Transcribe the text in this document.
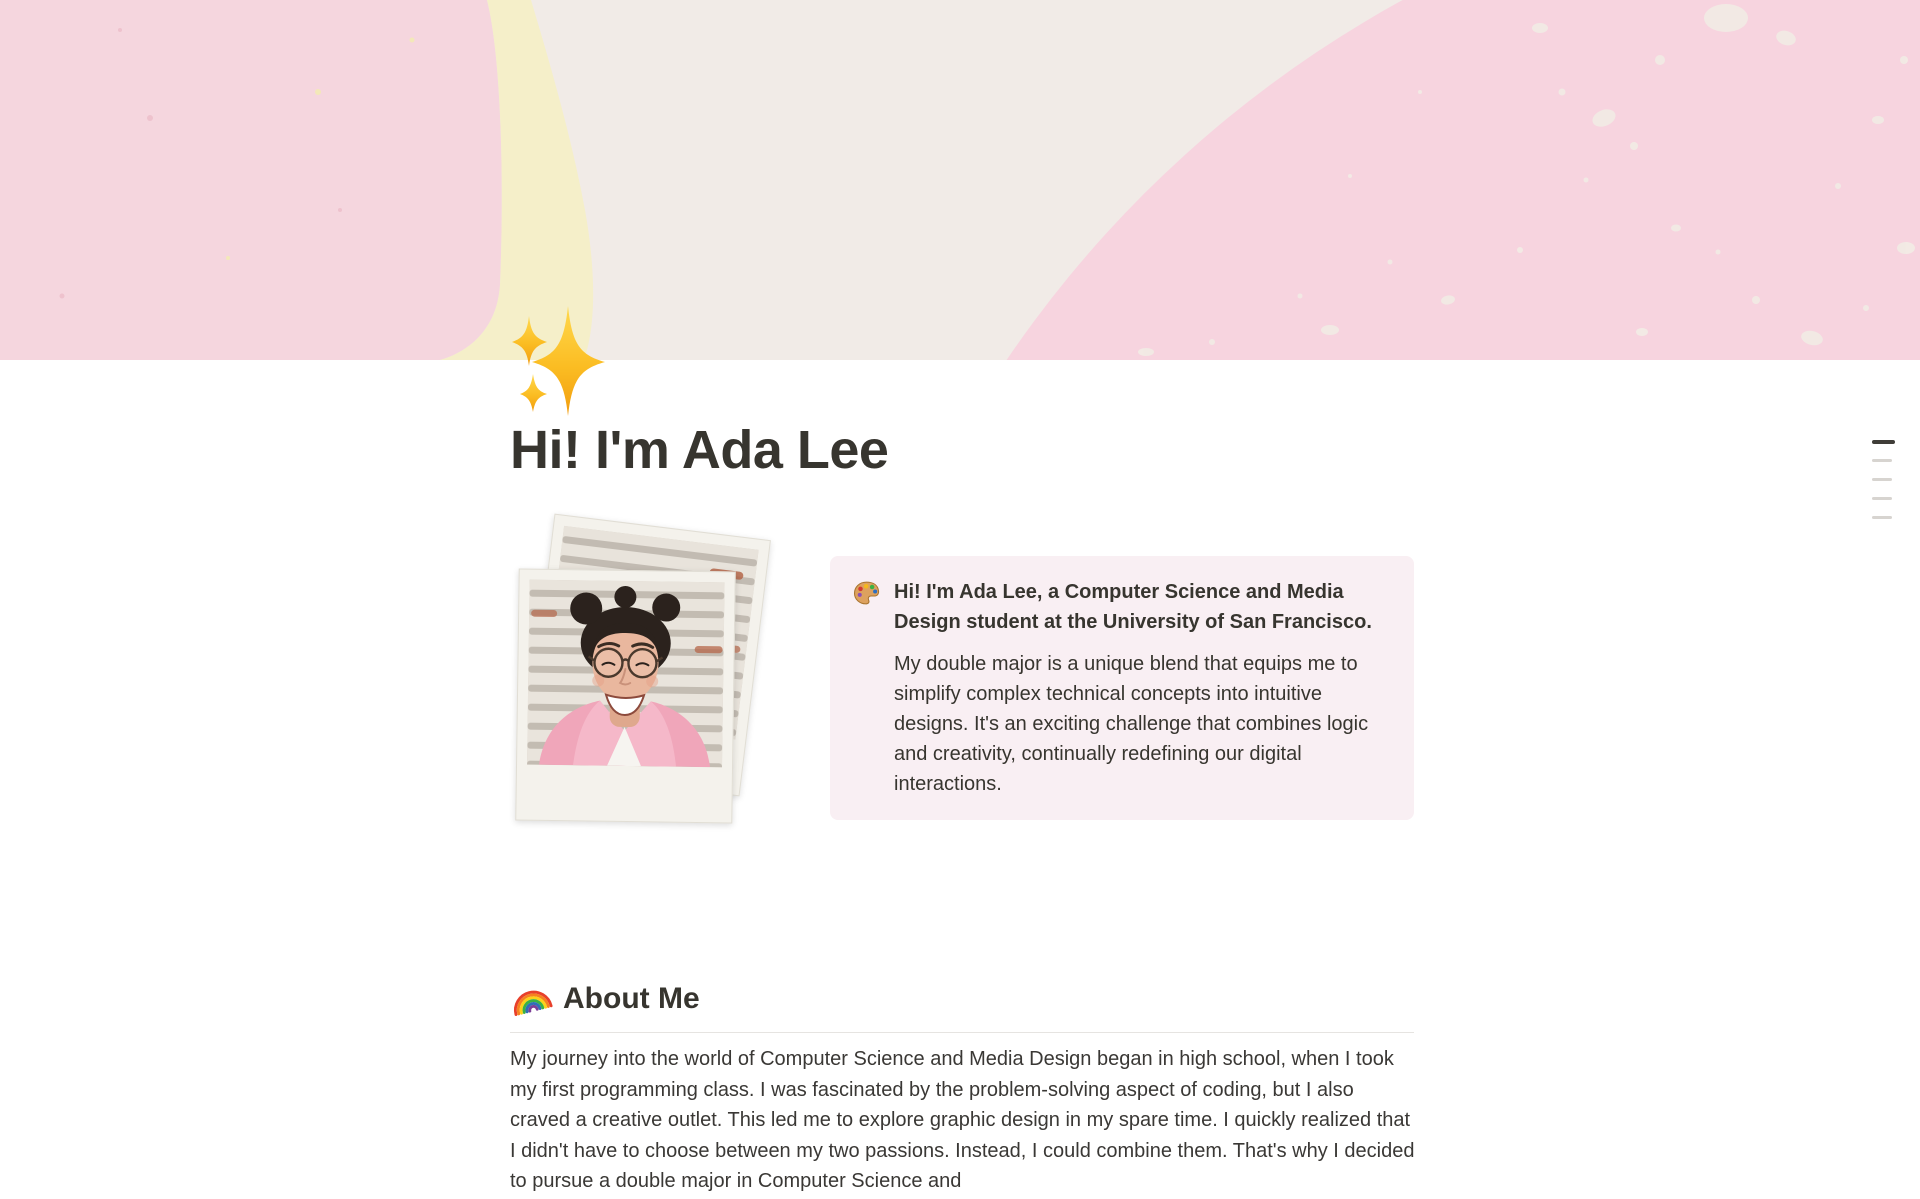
Hi! I'm Ada Lee

Hi! I'm Ada Lee, a Computer Science and Media Design student at the University of San Francisco.

My double major is a unique blend that equips me to simplify complex technical concepts into intuitive designs. It's an exciting challenge that combines logic and creativity, continually redefining our digital interactions.

About Me

My journey into the world of Computer Science and Media Design began in high school, when I took my first programming class. I was fascinated by the problem-solving aspect of coding, but I also craved a creative outlet. This led me to explore graphic design in my spare time. I quickly realized that I didn't have to choose between my two passions. Instead, I could combine them. That's why I decided to pursue a double major in Computer Science and
